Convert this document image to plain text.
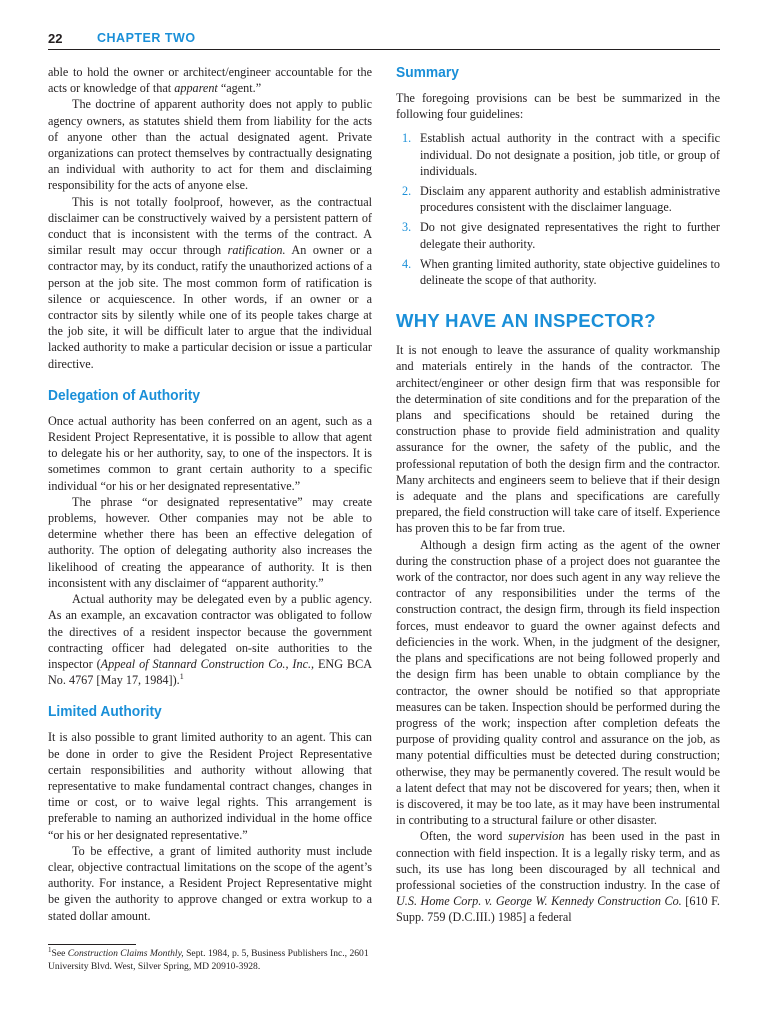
22	CHAPTER TWO

able to hold the owner or architect/engineer accountable for the acts or knowledge of that apparent “agent.”

The doctrine of apparent authority does not apply to public agency owners, as statutes shield them from liability for the acts of anyone other than the actual designated agent. Private organizations can protect themselves by contractually designating an individual with authority to act for them and disclaiming responsibility for the acts of anyone else.

This is not totally foolproof, however, as the contractual disclaimer can be constructively waived by a persistent pattern of conduct that is inconsistent with the terms of the contract. A similar result may occur through ratification. An owner or a contractor may, by its conduct, ratify the unauthorized actions of a person at the job site. The most common form of ratification is silence or acquiescence. In other words, if an owner or a contractor sits by silently while one of its people takes charge at the job site, it will be difficult later to argue that the individual lacked authority to make a particular decision or issue a particular directive.

Delegation of Authority

Once actual authority has been conferred on an agent, such as a Resident Project Representative, it is possible to allow that agent to delegate his or her authority, say, to one of the inspectors. It is sometimes common to grant certain authority to a specific individual “or his or her designated representative.”

The phrase “or designated representative” may create problems, however. Other companies may not be able to determine whether there has been an effective delegation of authority. The option of delegating authority also increases the likelihood of creating the appearance of authority. It is then inconsistent with any disclaimer of “apparent authority.”

Actual authority may be delegated even by a public agency. As an example, an excavation contractor was obligated to follow the directives of a resident inspector because the government contracting officer had delegated on-site authorities to the inspector (Appeal of Stannard Construction Co., Inc., ENG BCA No. 4767 [May 17, 1984]).$^1$

Limited Authority

It is also possible to grant limited authority to an agent. This can be done in order to give the Resident Project Representative certain responsibilities and authority without allowing that representative to make fundamental contract changes, changes in time or cost, or to waive legal rights. This arrangement is preferable to naming an authorized individual in the home office “or his or her designated representative.”

To be effective, a grant of limited authority must include clear, objective contractual limitations on the scope of the agent’s authority. For instance, a Resident Project Representative might be given the authority to approve changed or extra workup to a stated dollar amount.

$^1$See Construction Claims Monthly, Sept. 1984, p. 5, Business Publishers Inc., 2601 University Blvd. West, Silver Spring, MD 20910-3928.
Summary

The foregoing provisions can be best be summarized in the following four guidelines:

1. Establish actual authority in the contract with a specific individual. Do not designate a position, job title, or group of individuals.
2. Disclaim any apparent authority and establish administrative procedures consistent with the disclaimer language.
3. Do not give designated representatives the right to further delegate their authority.
4. When granting limited authority, state objective guidelines to delineate the scope of that authority.
WHY HAVE AN INSPECTOR?

It is not enough to leave the assurance of quality workmanship and materials entirely in the hands of the contractor. The architect/engineer or other design firm that was responsible for the determination of site conditions and for the preparation of the plans and specifications should be retained during the construction phase to provide field administration and quality assurance for the owner, the safety of the public, and the professional reputation of both the design firm and the contractor. Many architects and engineers seem to believe that if their design is adequate and the plans and specifications are carefully prepared, the field construction will take care of itself. Experience has proven this to be far from true.

Although a design firm acting as the agent of the owner during the construction phase of a project does not guarantee the work of the contractor, nor does such agent in any way relieve the contractor of any responsibilities under the terms of the construction contract, the design firm, through its field inspection forces, must endeavor to guard the owner against defects and deficiencies in the work. When, in the judgment of the designer, the plans and specifications are not being followed properly and the design firm has been unable to obtain compliance by the contractor, the owner should be notified so that appropriate measures can be taken. Inspection should be performed during the progress of the work; inspection after completion defeats the purpose of providing quality control and assurance on the job, as many potential difficulties must be detected during construction; otherwise, they may be permanently covered. The result would be a latent defect that may not be discovered for years; then, when it is discovered, it may be too late, as it may have been instrumental in contributing to a structural failure or other disaster.

Often, the word supervision has been used in the past in connection with field inspection. It is a legally risky term, and as such, its use has long been discouraged by all technical and professional societies of the construction industry. In the case of U.S. Home Corp. v. George W. Kennedy Construction Co. [610 F. Supp. 759 (D.C.III.) 1985] a federal
